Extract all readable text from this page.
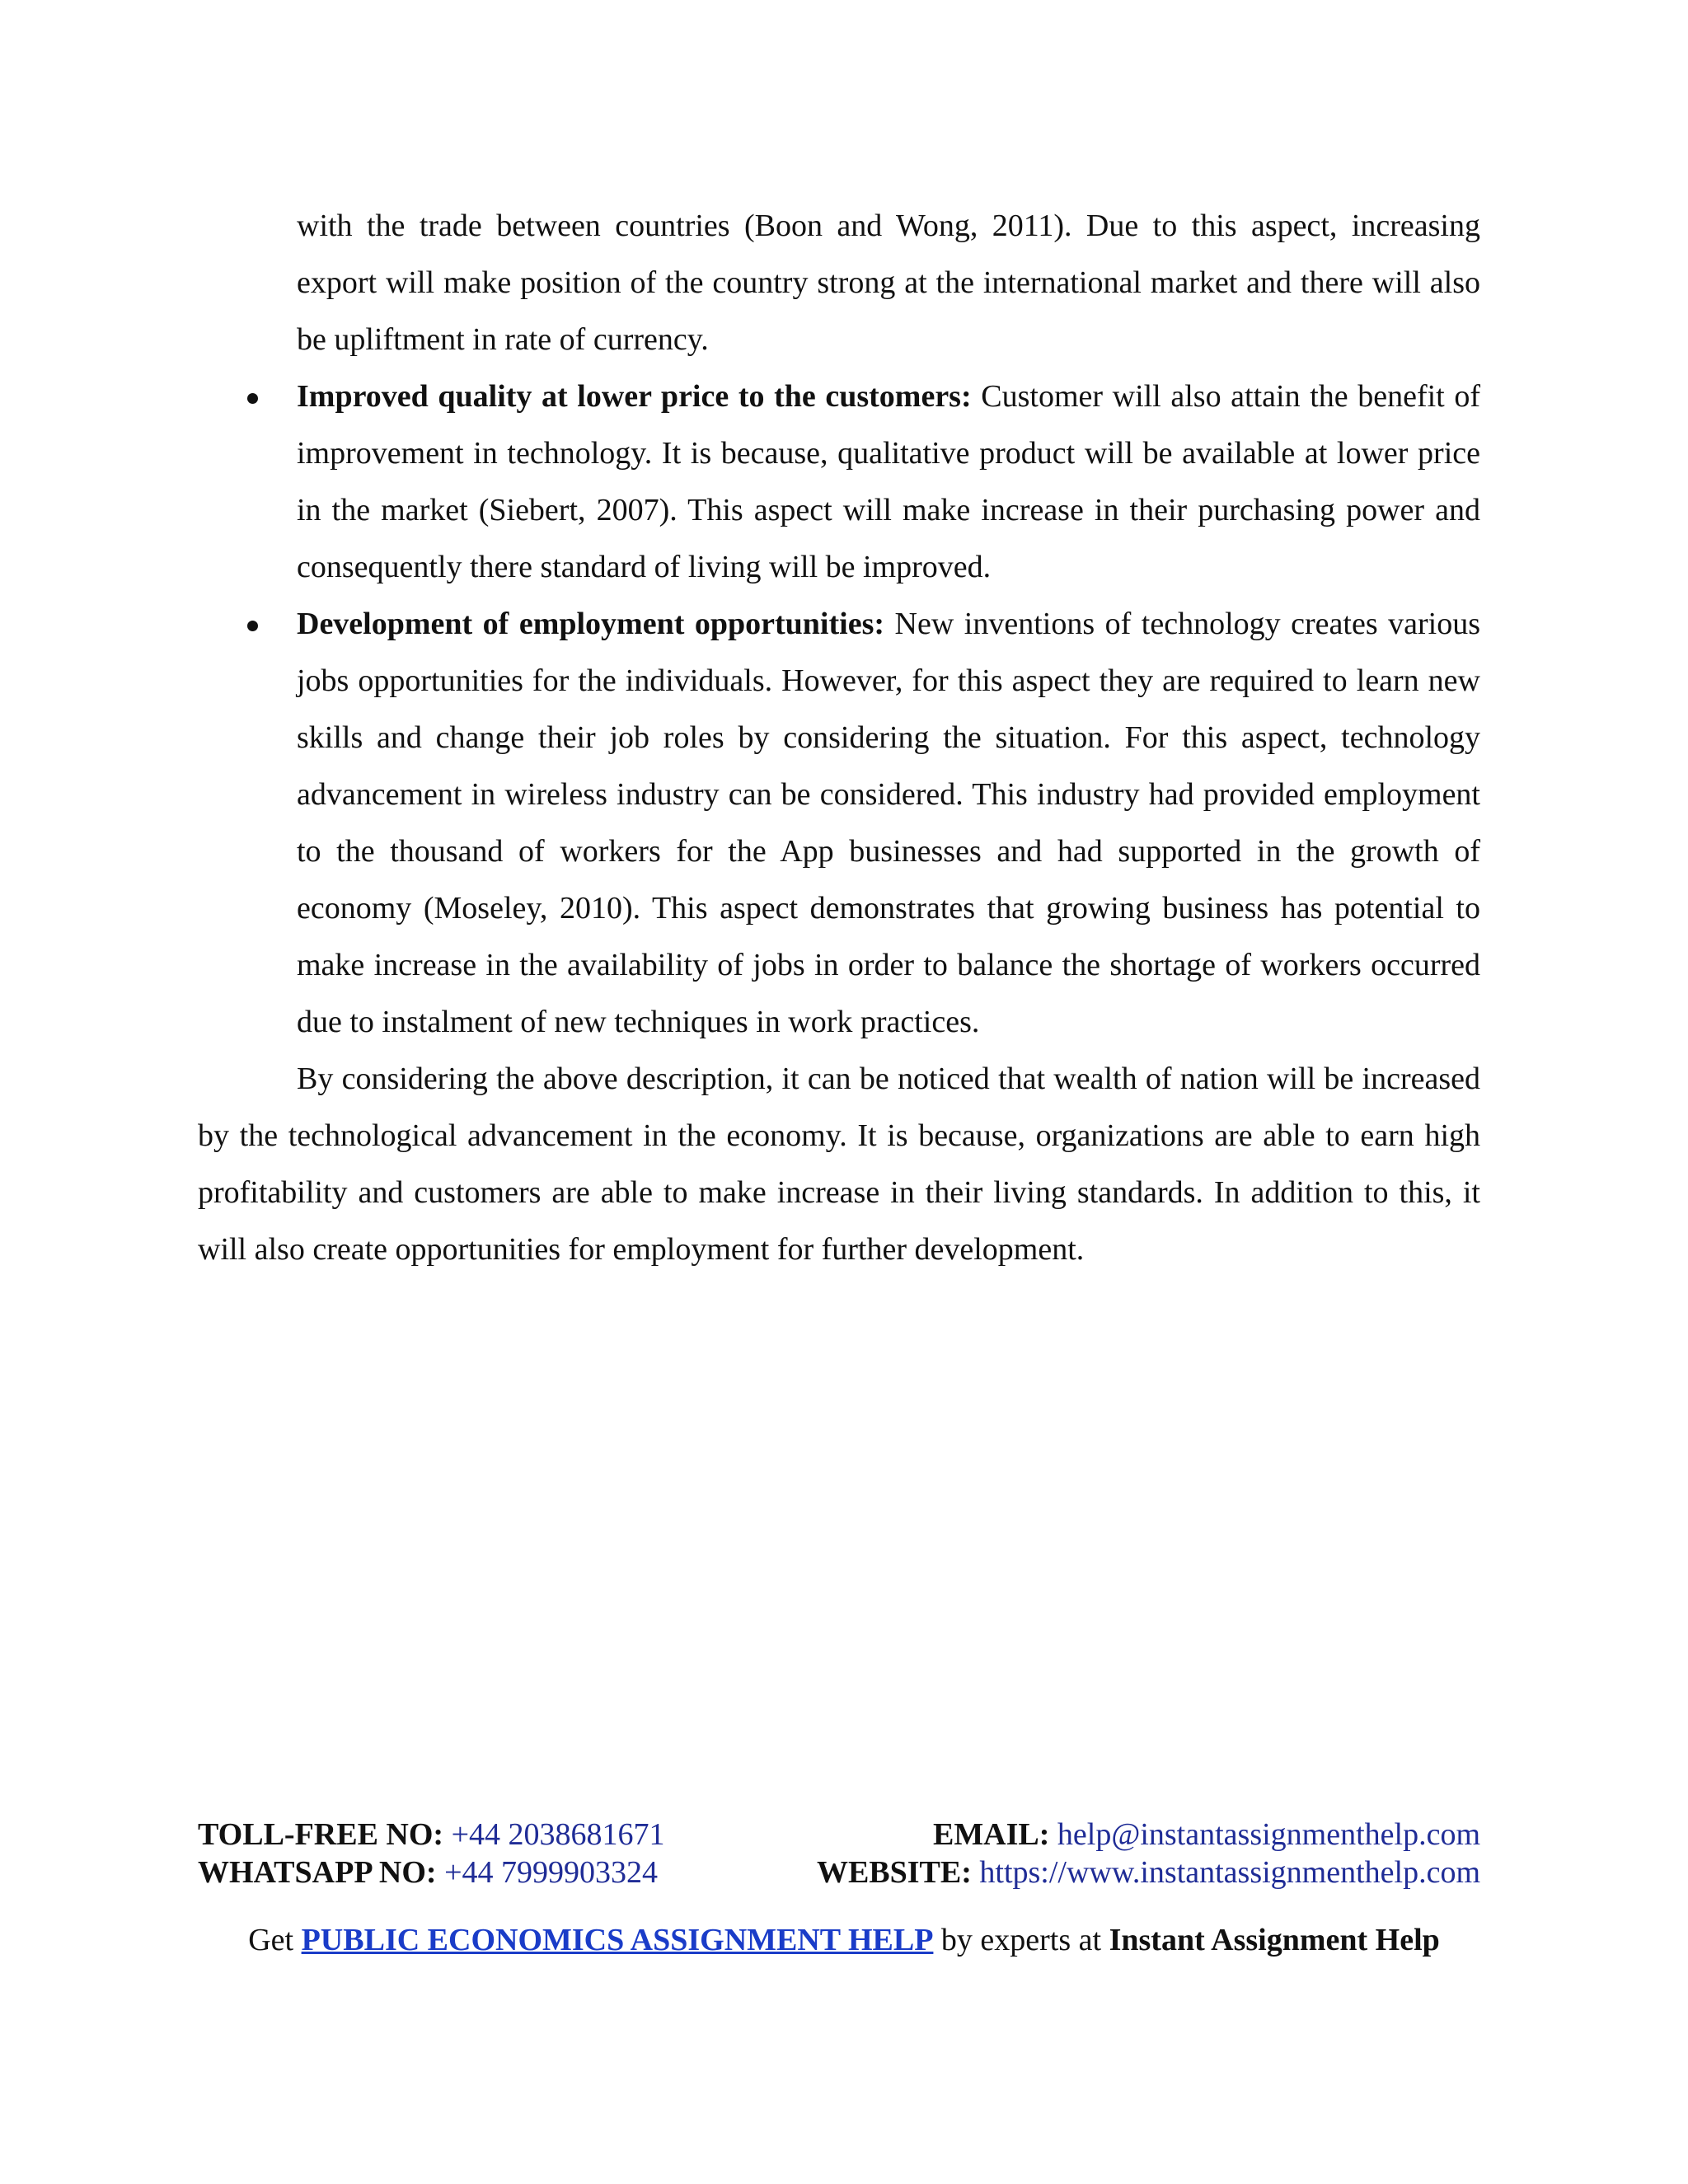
with the trade between countries (Boon and Wong, 2011). Due to this aspect, increasing export will make position of the country strong at the international market and there will also be upliftment in rate of currency.

Improved quality at lower price to the customers: Customer will also attain the benefit of improvement in technology. It is because, qualitative product will be available at lower price in the market (Siebert, 2007). This aspect will make increase in their purchasing power and consequently there standard of living will be improved.

Development of employment opportunities: New inventions of technology creates various jobs opportunities for the individuals. However, for this aspect they are required to learn new skills and change their job roles by considering the situation. For this aspect, technology advancement in wireless industry can be considered. This industry had provided employment to the thousand of workers for the App businesses and had supported in the growth of economy (Moseley, 2010). This aspect demonstrates that growing business has potential to make increase in the availability of jobs in order to balance the shortage of workers occurred due to instalment of new techniques in work practices.

By considering the above description, it can be noticed that wealth of nation will be increased by the technological advancement in the economy. It is because, organizations are able to earn high profitability and customers are able to make increase in their living standards. In addition to this, it will also create opportunities for employment for further development.

TOLL-FREE NO: +44 2038681671	EMAIL: help@instantassignmenthelp.com
WHATSAPP NO: +44 7999903324	WEBSITE: https://www.instantassignmenthelp.com
Get PUBLIC ECONOMICS ASSIGNMENT HELP by experts at Instant Assignment Help
